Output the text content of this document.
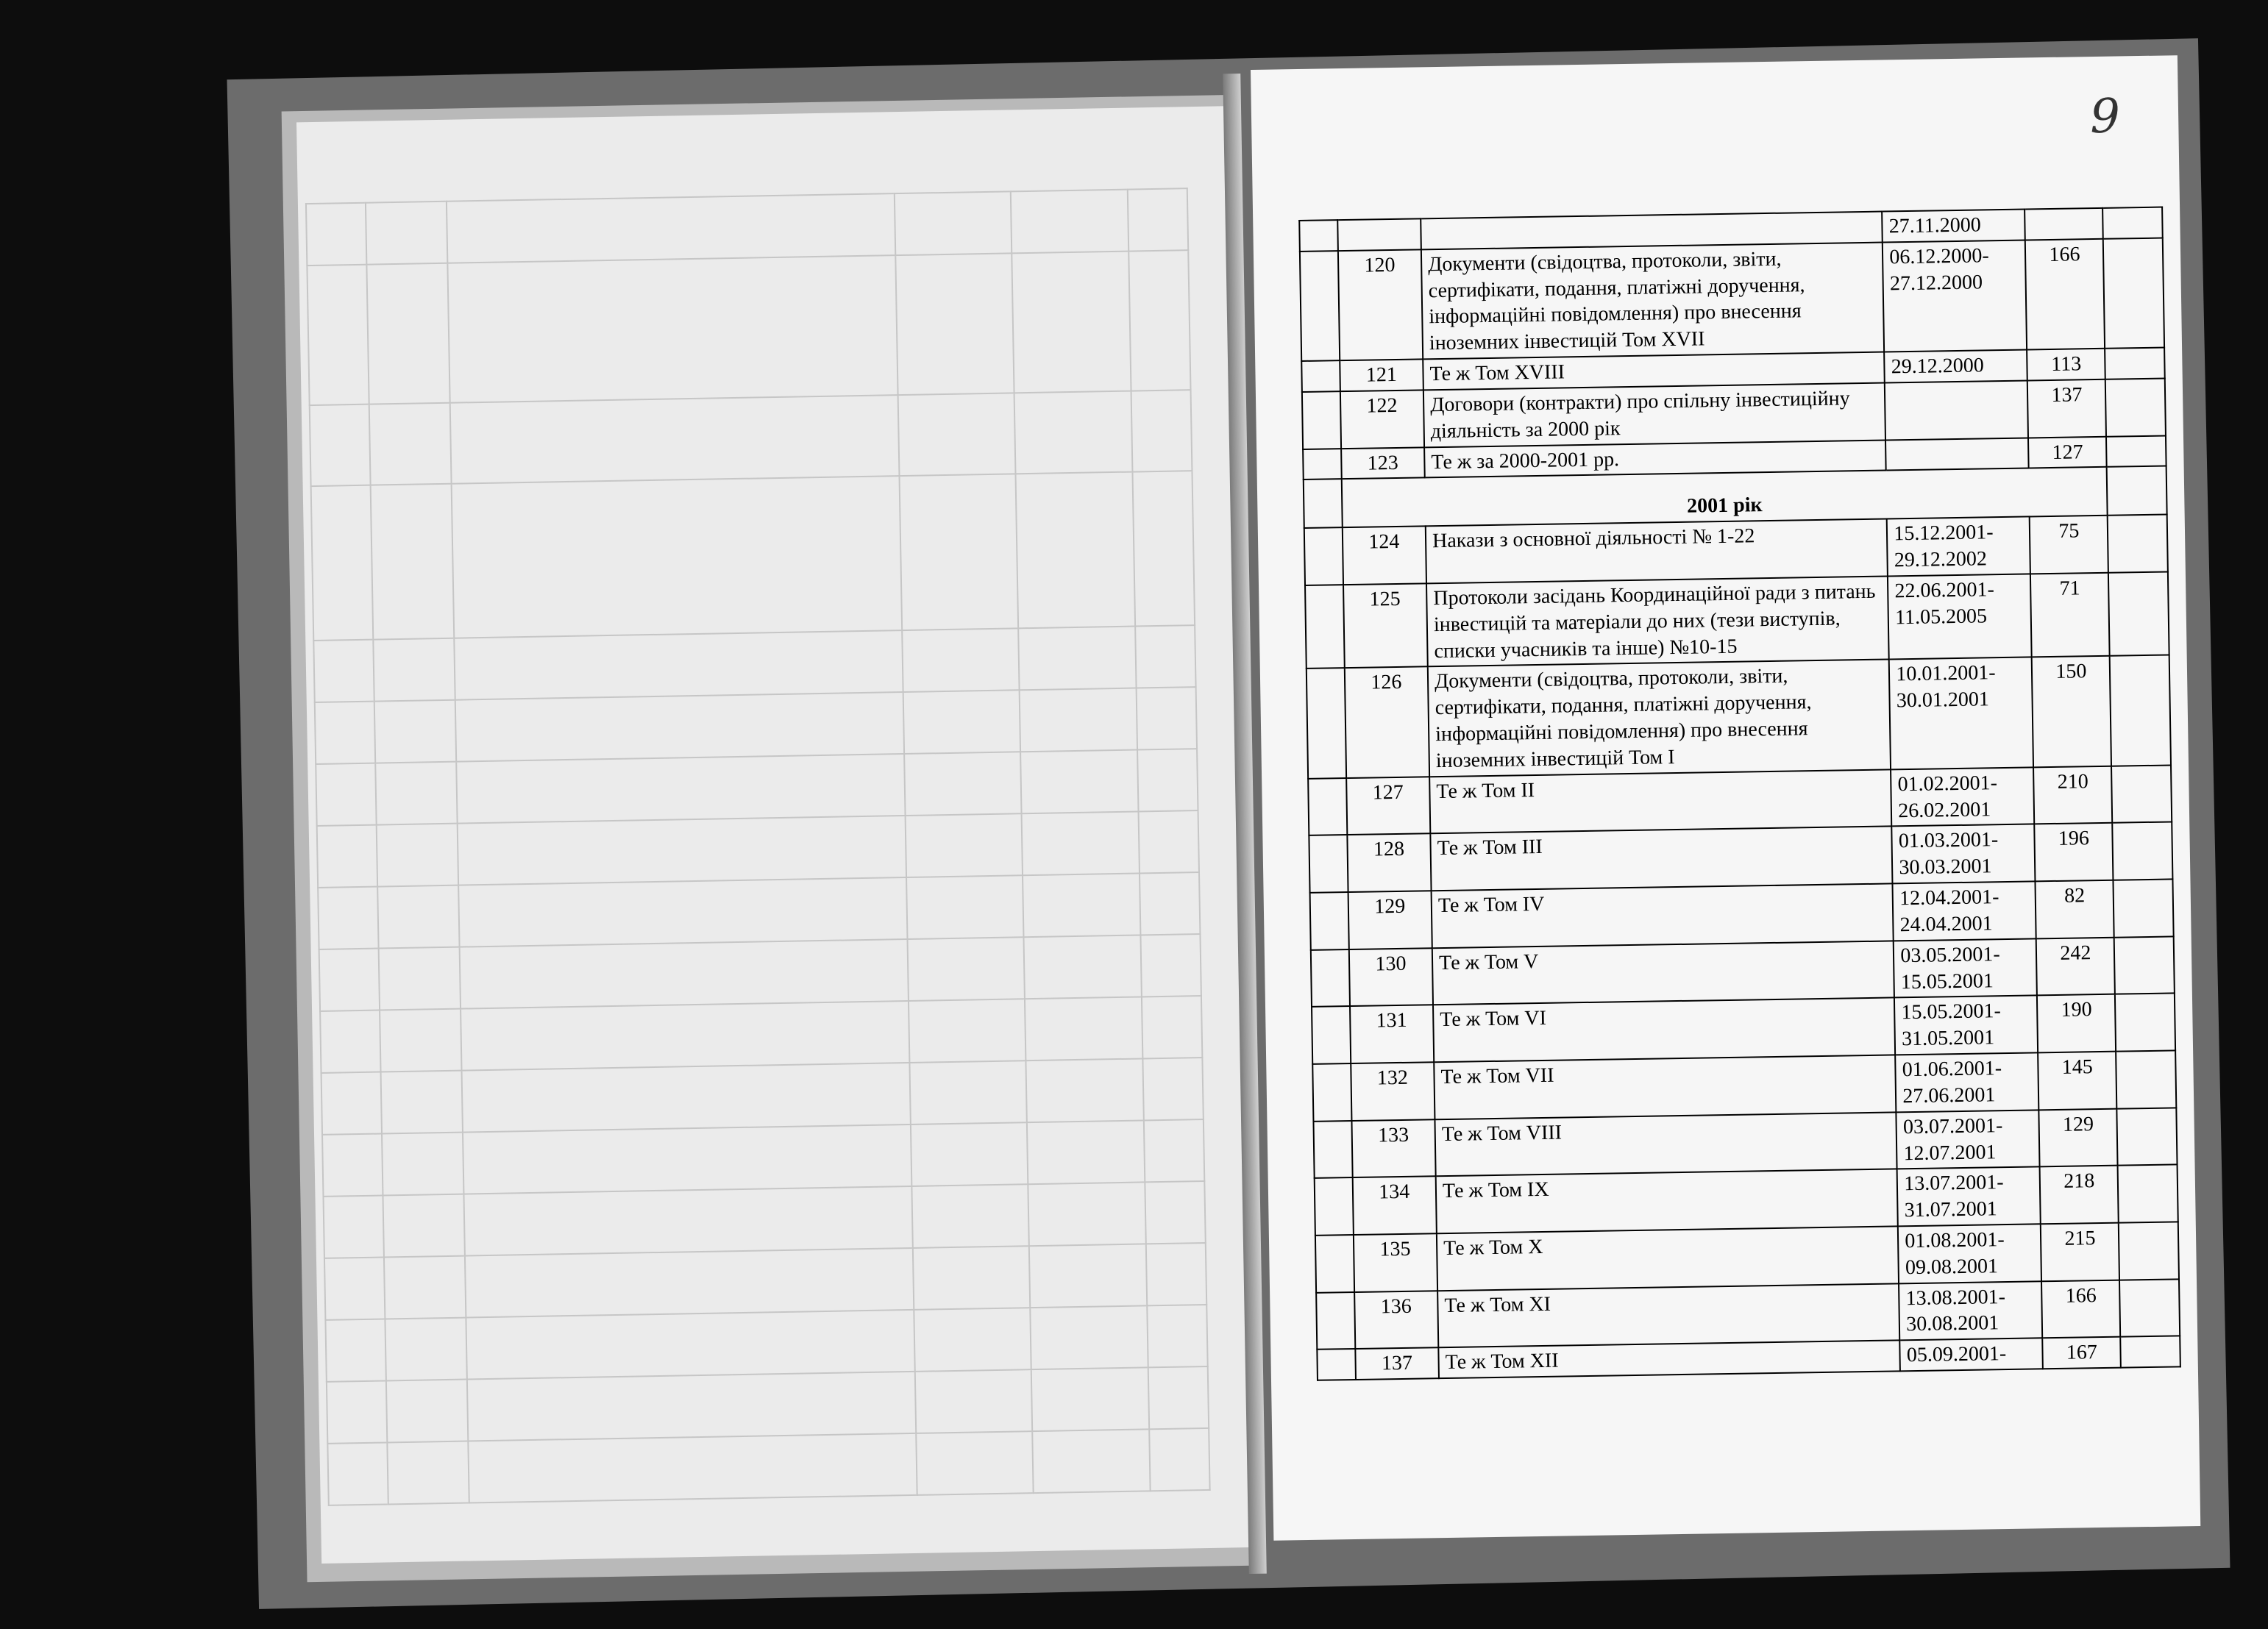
9
			27.11.2000		
	120	Документи (свідоцтва, протоколи, звіти, сертифікати, подання, платіжні доручення, інформаційні повідомлення) про внесення іноземних інвестицій Том XVII	06.12.2000-27.12.2000	166	
	121	Те ж Том XVIII	29.12.2000	113	
	122	Договори (контракти) про спільну інвестиційну діяльність за 2000 рік		137	
	123	Те ж за 2000-2001 рр.		127	
	2001 рік				
	124	Накази з основної діяльності № 1-22	15.12.2001-29.12.2002	75	
	125	Протоколи засідань Координаційної ради з питань інвестицій та матеріали до них (тези виступів, списки учасників та інше) №10-15	22.06.2001-11.05.2005	71	
	126	Документи (свідоцтва, протоколи, звіти, сертифікати, подання, платіжні доручення, інформаційні повідомлення) про внесення іноземних інвестицій Том I	10.01.2001-30.01.2001	150	
	127	Те ж Том II	01.02.2001-26.02.2001	210	
	128	Те ж Том III	01.03.2001-30.03.2001	196	
	129	Те ж Том IV	12.04.2001-24.04.2001	82	
	130	Те ж Том V	03.05.2001-15.05.2001	242	
	131	Те ж Том VI	15.05.2001-31.05.2001	190	
	132	Те ж Том VII	01.06.2001-27.06.2001	145	
	133	Те ж Том VIII	03.07.2001-12.07.2001	129	
	134	Те ж Том IX	13.07.2001-31.07.2001	218	
	135	Те ж Том X	01.08.2001-09.08.2001	215	
	136	Те ж Том XI	13.08.2001-30.08.2001	166	
	137	Те ж Том XII	05.09.2001-	167	
